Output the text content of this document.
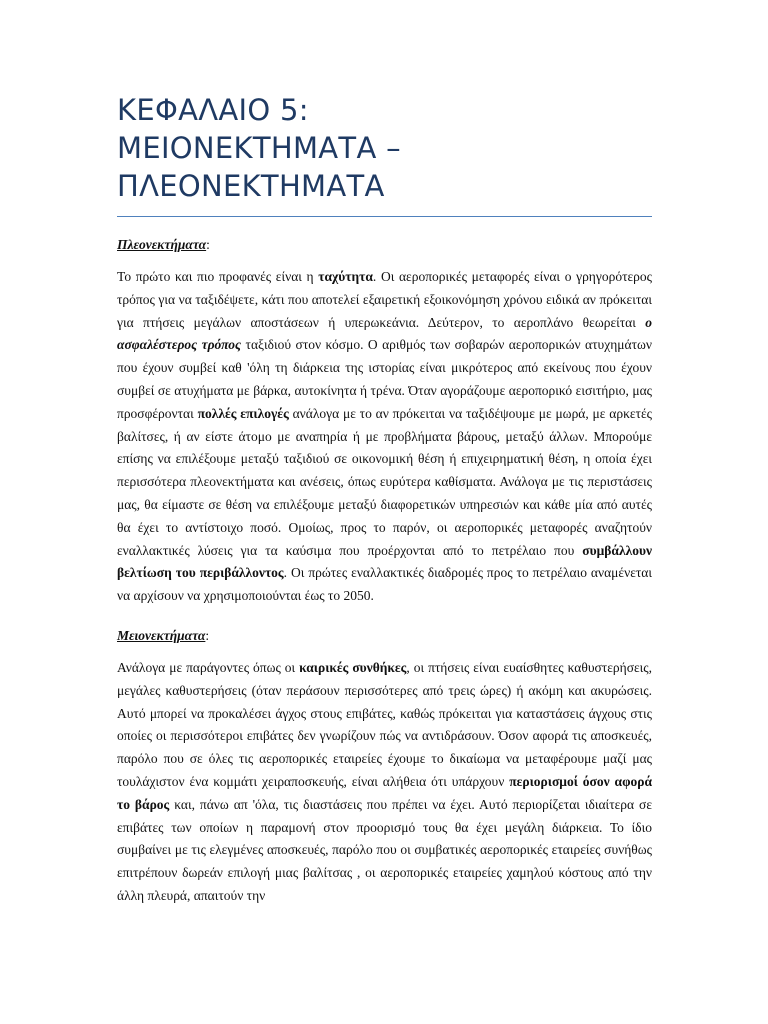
ΚΕΦΑΛΑΙΟ 5:
ΜΕΙΟΝΕΚΤΗΜΑΤΑ –
ΠΛΕΟΝΕΚΤΗΜΑΤΑ
Πλεονεκτήματα:

Το πρώτο και πιο προφανές είναι η ταχύτητα. Οι αεροπορικές μεταφορές είναι ο γρηγορότερος τρόπος για να ταξιδέψετε, κάτι που αποτελεί εξαιρετική εξοικονόμηση χρόνου ειδικά αν πρόκειται για πτήσεις μεγάλων αποστάσεων ή υπερωκεάνια. Δεύτερον, το αεροπλάνο θεωρείται ο ασφαλέστερος τρόπος ταξιδιού στον κόσμο. Ο αριθμός των σοβαρών αεροπορικών ατυχημάτων που έχουν συμβεί καθ 'όλη τη διάρκεια της ιστορίας είναι μικρότερος από εκείνους που έχουν συμβεί σε ατυχήματα με βάρκα, αυτοκίνητα ή τρένα. Όταν αγοράζουμε αεροπορικό εισιτήριο, μας προσφέρονται πολλές επιλογές ανάλογα με το αν πρόκειται να ταξιδέψουμε με μωρά, με αρκετές βαλίτσες, ή αν είστε άτομο με αναπηρία ή με προβλήματα βάρους, μεταξύ άλλων. Μπορούμε επίσης να επιλέξουμε μεταξύ ταξιδιού σε οικονομική θέση ή επιχειρηματική θέση, η οποία έχει περισσότερα πλεονεκτήματα και ανέσεις, όπως ευρύτερα καθίσματα. Ανάλογα με τις περιστάσεις μας, θα είμαστε σε θέση να επιλέξουμε μεταξύ διαφορετικών υπηρεσιών και κάθε μία από αυτές θα έχει το αντίστοιχο ποσό. Ομοίως, προς το παρόν, οι αεροπορικές μεταφορές αναζητούν εναλλακτικές λύσεις για τα καύσιμα που προέρχονται από το πετρέλαιο που συμβάλλουν βελτίωση του περιβάλλοντος. Οι πρώτες εναλλακτικές διαδρομές προς το πετρέλαιο αναμένεται να αρχίσουν να χρησιμοποιούνται έως το 2050.

Μειονεκτήματα:

Ανάλογα με παράγοντες όπως οι καιρικές συνθήκες, οι πτήσεις είναι ευαίσθητες καθυστερήσεις, μεγάλες καθυστερήσεις (όταν περάσουν περισσότερες από τρεις ώρες) ή ακόμη και ακυρώσεις. Αυτό μπορεί να προκαλέσει άγχος στους επιβάτες, καθώς πρόκειται για καταστάσεις άγχους στις οποίες οι περισσότεροι επιβάτες δεν γνωρίζουν πώς να αντιδράσουν. Όσον αφορά τις αποσκευές, παρόλο που σε όλες τις αεροπορικές εταιρείες έχουμε το δικαίωμα να μεταφέρουμε μαζί μας τουλάχιστον ένα κομμάτι χειραποσκευής, είναι αλήθεια ότι υπάρχουν περιορισμοί όσον αφορά το βάρος και, πάνω απ 'όλα, τις διαστάσεις που πρέπει να έχει. Αυτό περιορίζεται ιδιαίτερα σε επιβάτες των οποίων η παραμονή στον προορισμό τους θα έχει μεγάλη διάρκεια. Το ίδιο συμβαίνει με τις ελεγμένες αποσκευές, παρόλο που οι συμβατικές αεροπορικές εταιρείες συνήθως επιτρέπουν δωρεάν επιλογή μιας βαλίτσας , οι αεροπορικές εταιρείες χαμηλού κόστους από την άλλη πλευρά, απαιτούν την
